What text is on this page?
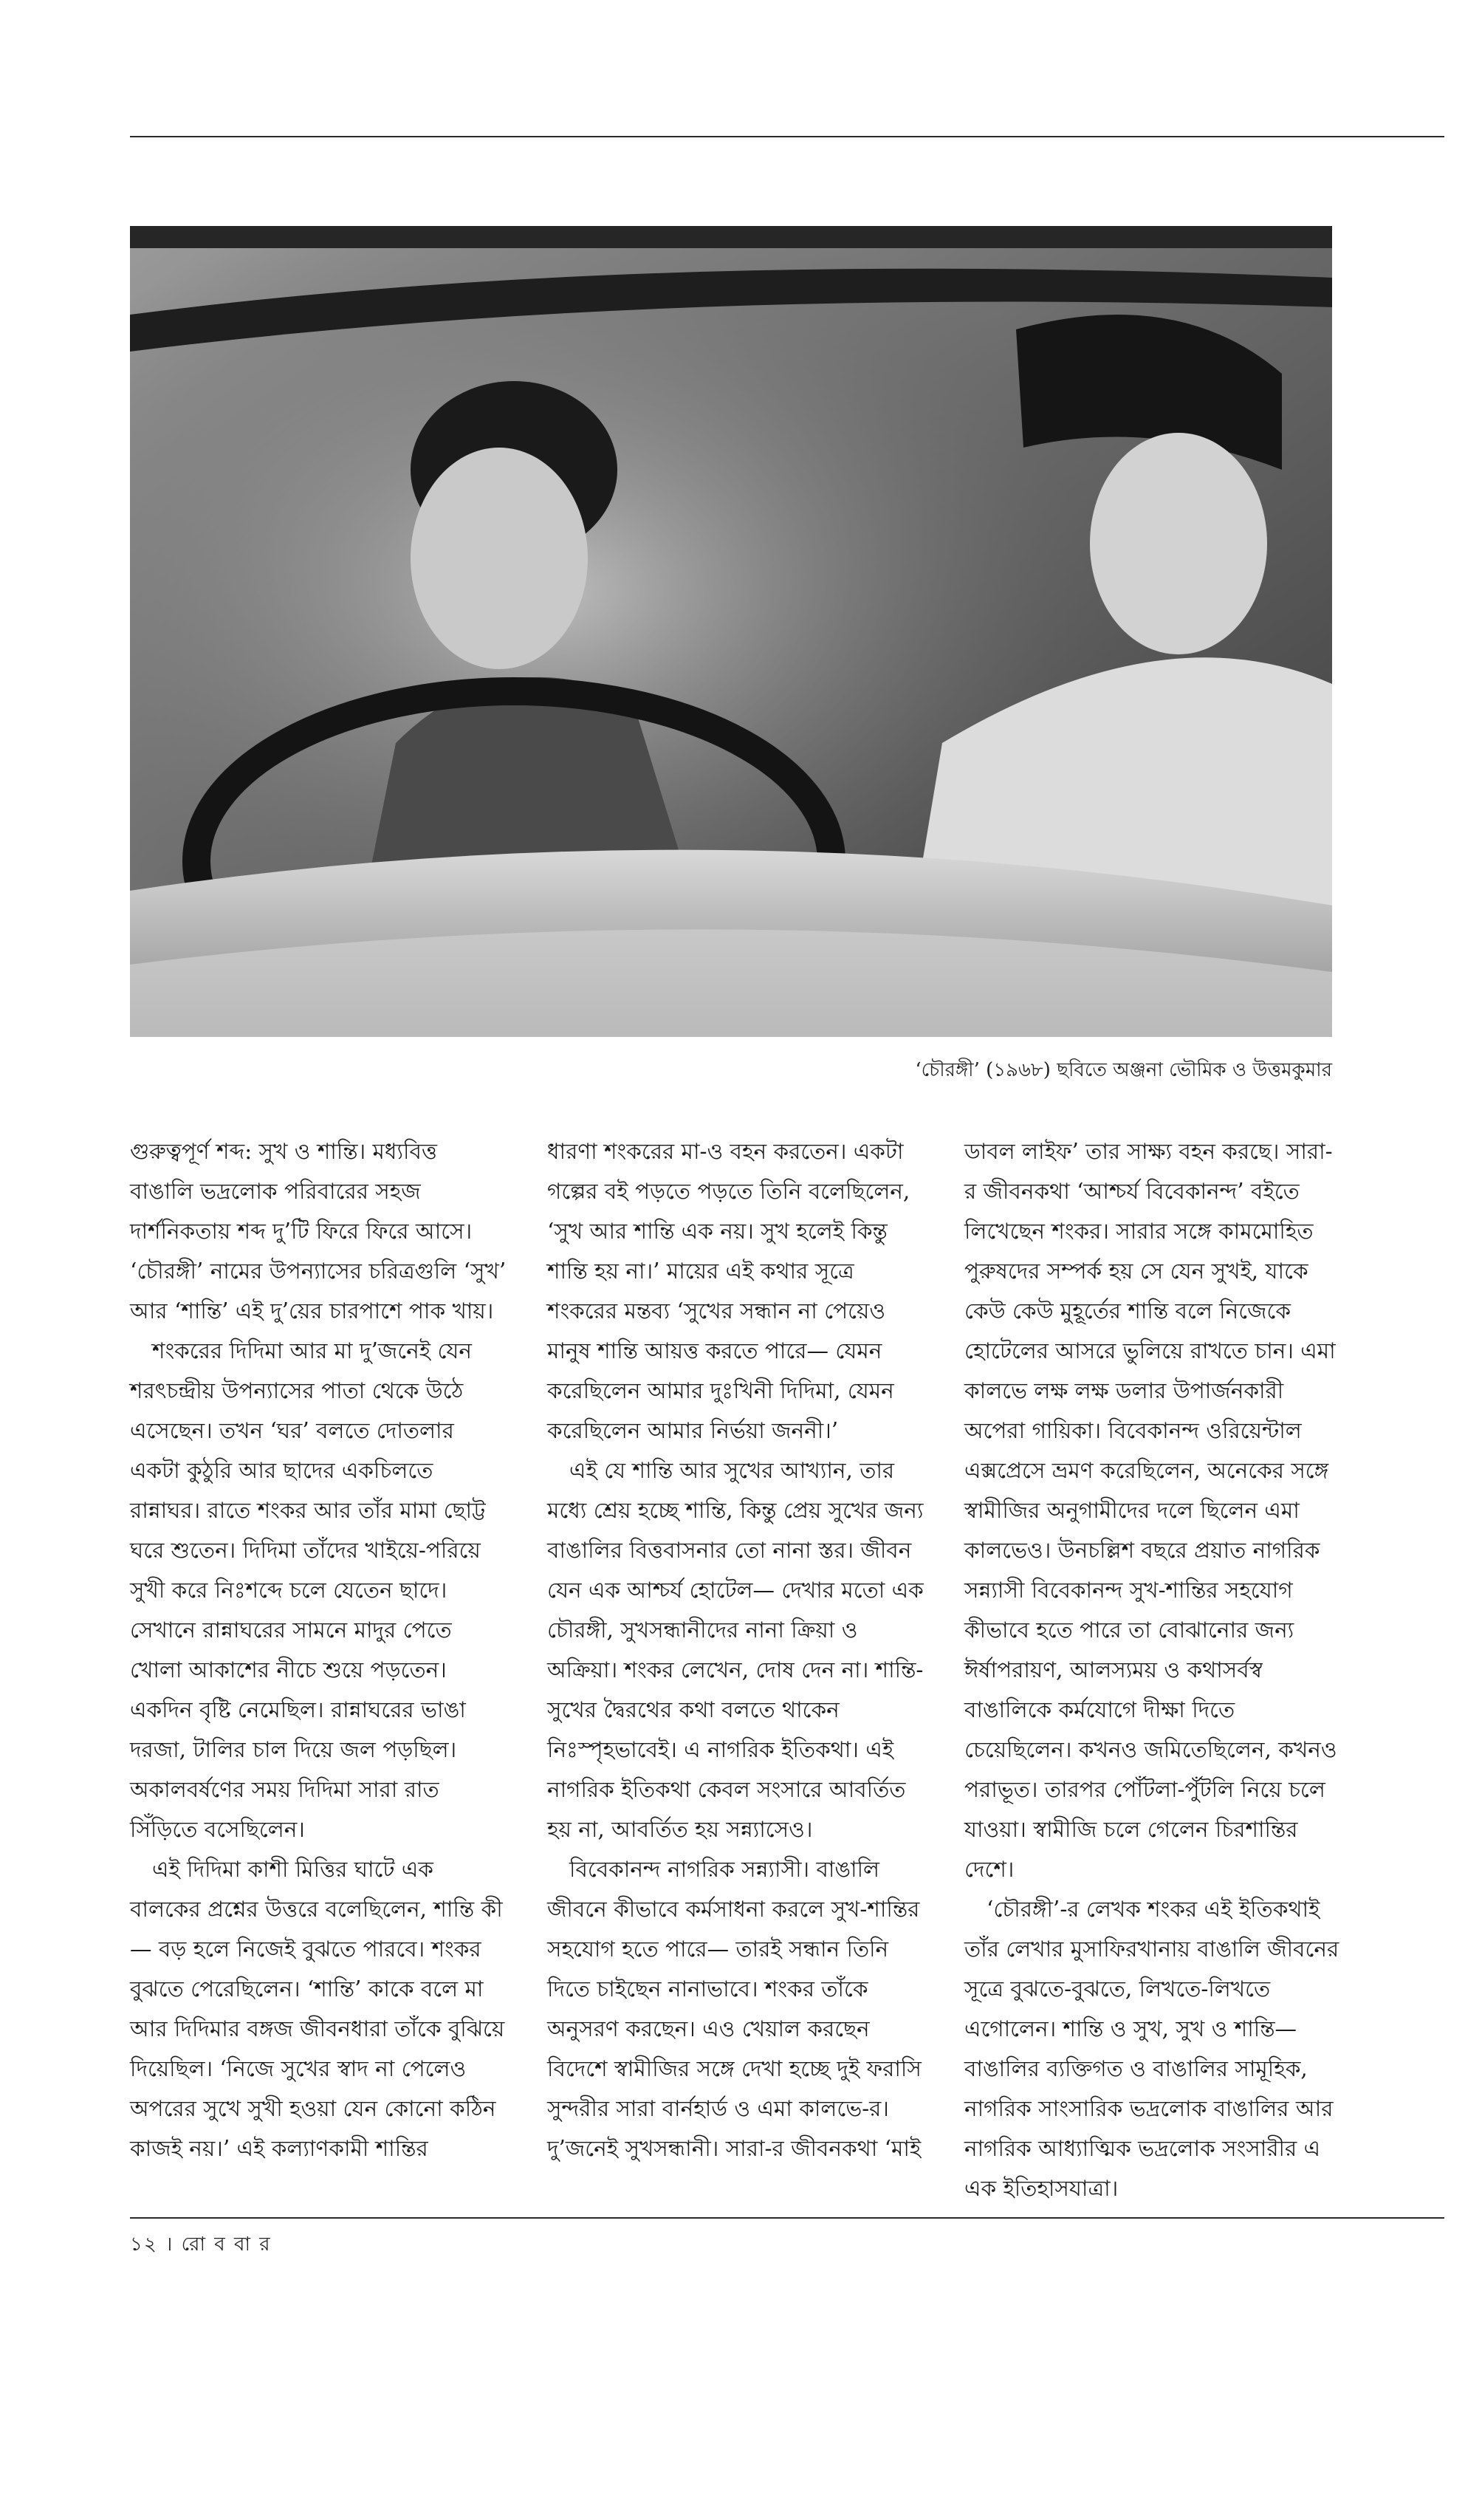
‘চৌরঙ্গী’ (১৯৬৮) ছবিতে অঞ্জনা ভৌমিক ও উত্তমকুমার

গুরুত্বপূর্ণ শব্দ: সুখ ও শান্তি। মধ্যবিত্ত বাঙালি ভদ্রলোক পরিবারের সহজ দার্শনিকতায় শব্দ দু’টি ফিরে ফিরে আসে। ‘চৌরঙ্গী’ নামের উপন্যাসের চরিত্রগুলি ‘সুখ’ আর ‘শান্তি’ এই দু’য়ের চারপাশে পাক খায়।

শংকরের দিদিমা আর মা দু’জনেই যেন শরৎচন্দ্রীয় উপন্যাসের পাতা থেকে উঠে এসেছেন। তখন ‘ঘর’ বলতে দোতলার একটা কুঠুরি আর ছাদের একচিলতে রান্নাঘর। রাতে শংকর আর তাঁর মামা ছোট্ট ঘরে শুতেন। দিদিমা তাঁদের খাইয়ে-পরিয়ে সুখী করে নিঃশব্দে চলে যেতেন ছাদে। সেখানে রান্নাঘরের সামনে মাদুর পেতে খোলা আকাশের নীচে শুয়ে পড়তেন। একদিন বৃষ্টি নেমেছিল। রান্নাঘরের ভাঙা দরজা, টালির চাল দিয়ে জল পড়ছিল। অকালবর্ষণের সময় দিদিমা সারা রাত সিঁড়িতে বসেছিলেন।

এই দিদিমা কাশী মিত্তির ঘাটে এক বালকের প্রশ্নের উত্তরে বলেছিলেন, শান্তি কী— বড় হলে নিজেই বুঝতে পারবে। শংকর বুঝতে পেরেছিলেন। ‘শান্তি’ কাকে বলে মা আর দিদিমার বঙ্গজ জীবনধারা তাঁকে বুঝিয়ে দিয়েছিল। ‘নিজে সুখের স্বাদ না পেলেও অপরের সুখে সুখী হওয়া যেন কোনো কঠিন কাজই নয়।’ এই কল্যাণকামী শান্তির

ধারণা শংকরের মা-ও বহন করতেন। একটা গল্পের বই পড়তে পড়তে তিনি বলেছিলেন, ‘সুখ আর শান্তি এক নয়। সুখ হলেই কিন্তু শান্তি হয় না।’ মায়ের এই কথার সূত্রে শংকরের মন্তব্য ‘সুখের সন্ধান না পেয়েও মানুষ শান্তি আয়ত্ত করতে পারে— যেমন করেছিলেন আমার দুঃখিনী দিদিমা, যেমন করেছিলেন আমার নির্ভয়া জননী।’

এই যে শান্তি আর সুখের আখ্যান, তার মধ্যে শ্রেয় হচ্ছে শান্তি, কিন্তু প্রেয় সুখের জন্য বাঙালির বিত্তবাসনার তো নানা স্তর। জীবন যেন এক আশ্চর্য হোটেল— দেখার মতো এক চৌরঙ্গী, সুখসন্ধানীদের নানা ক্রিয়া ও অক্রিয়া। শংকর লেখেন, দোষ দেন না। শান্তি-সুখের দ্বৈরথের কথা বলতে থাকেন নিঃস্পৃহভাবেই। এ নাগরিক ইতিকথা। এই নাগরিক ইতিকথা কেবল সংসারে আবর্তিত হয় না, আবর্তিত হয় সন্ন্যাসেও।

বিবেকানন্দ নাগরিক সন্ন্যাসী। বাঙালি জীবনে কীভাবে কর্মসাধনা করলে সুখ-শান্তির সহযোগ হতে পারে— তারই সন্ধান তিনি দিতে চাইছেন নানাভাবে। শংকর তাঁকে অনুসরণ করছেন। এও খেয়াল করছেন বিদেশে স্বামীজির সঙ্গে দেখা হচ্ছে দুই ফরাসি সুন্দরীর সারা বার্নহার্ড ও এমা কালভে-র। দু’জনেই সুখসন্ধানী। সারা-র জীবনকথা ‘মাই

ডাবল লাইফ’ তার সাক্ষ্য বহন করছে। সারা-র জীবনকথা ‘আশ্চর্য বিবেকানন্দ’ বইতে লিখেছেন শংকর। সারার সঙ্গে কামমোহিত পুরুষদের সম্পর্ক হয় সে যেন সুখই, যাকে কেউ কেউ মুহূর্তের শান্তি বলে নিজেকে হোটেলের আসরে ভুলিয়ে রাখতে চান। এমা কালভে লক্ষ লক্ষ ডলার উপার্জনকারী অপেরা গায়িকা। বিবেকানন্দ ওরিয়েন্টাল এক্সপ্রেসে ভ্রমণ করেছিলেন, অনেকের সঙ্গে স্বামীজির অনুগামীদের দলে ছিলেন এমা কালভেও। উনচল্লিশ বছরে প্রয়াত নাগরিক সন্ন্যাসী বিবেকানন্দ সুখ-শান্তির সহযোগ কীভাবে হতে পারে তা বোঝানোর জন্য ঈর্ষাপরায়ণ, আলস্যময় ও কথাসর্বস্ব বাঙালিকে কর্মযোগে দীক্ষা দিতে চেয়েছিলেন। কখনও জমিতেছিলেন, কখনও পরাভূত। তারপর পোঁটলা-পুঁটলি নিয়ে চলে যাওয়া। স্বামীজি চলে গেলেন চিরশান্তির দেশে।

‘চৌরঙ্গী’-র লেখক শংকর এই ইতিকথাই তাঁর লেখার মুসাফিরখানায় বাঙালি জীবনের সূত্রে বুঝতে-বুঝতে, লিখতে-লিখতে এগোলেন। শান্তি ও সুখ, সুখ ও শান্তি— বাঙালির ব্যক্তিগত ও বাঙালির সামূহিক, নাগরিক সাংসারিক ভদ্রলোক বাঙালির আর নাগরিক আধ্যাত্মিক ভদ্রলোক সংসারীর এ এক ইতিহাসযাত্রা।

১২ । রো ব বা র
